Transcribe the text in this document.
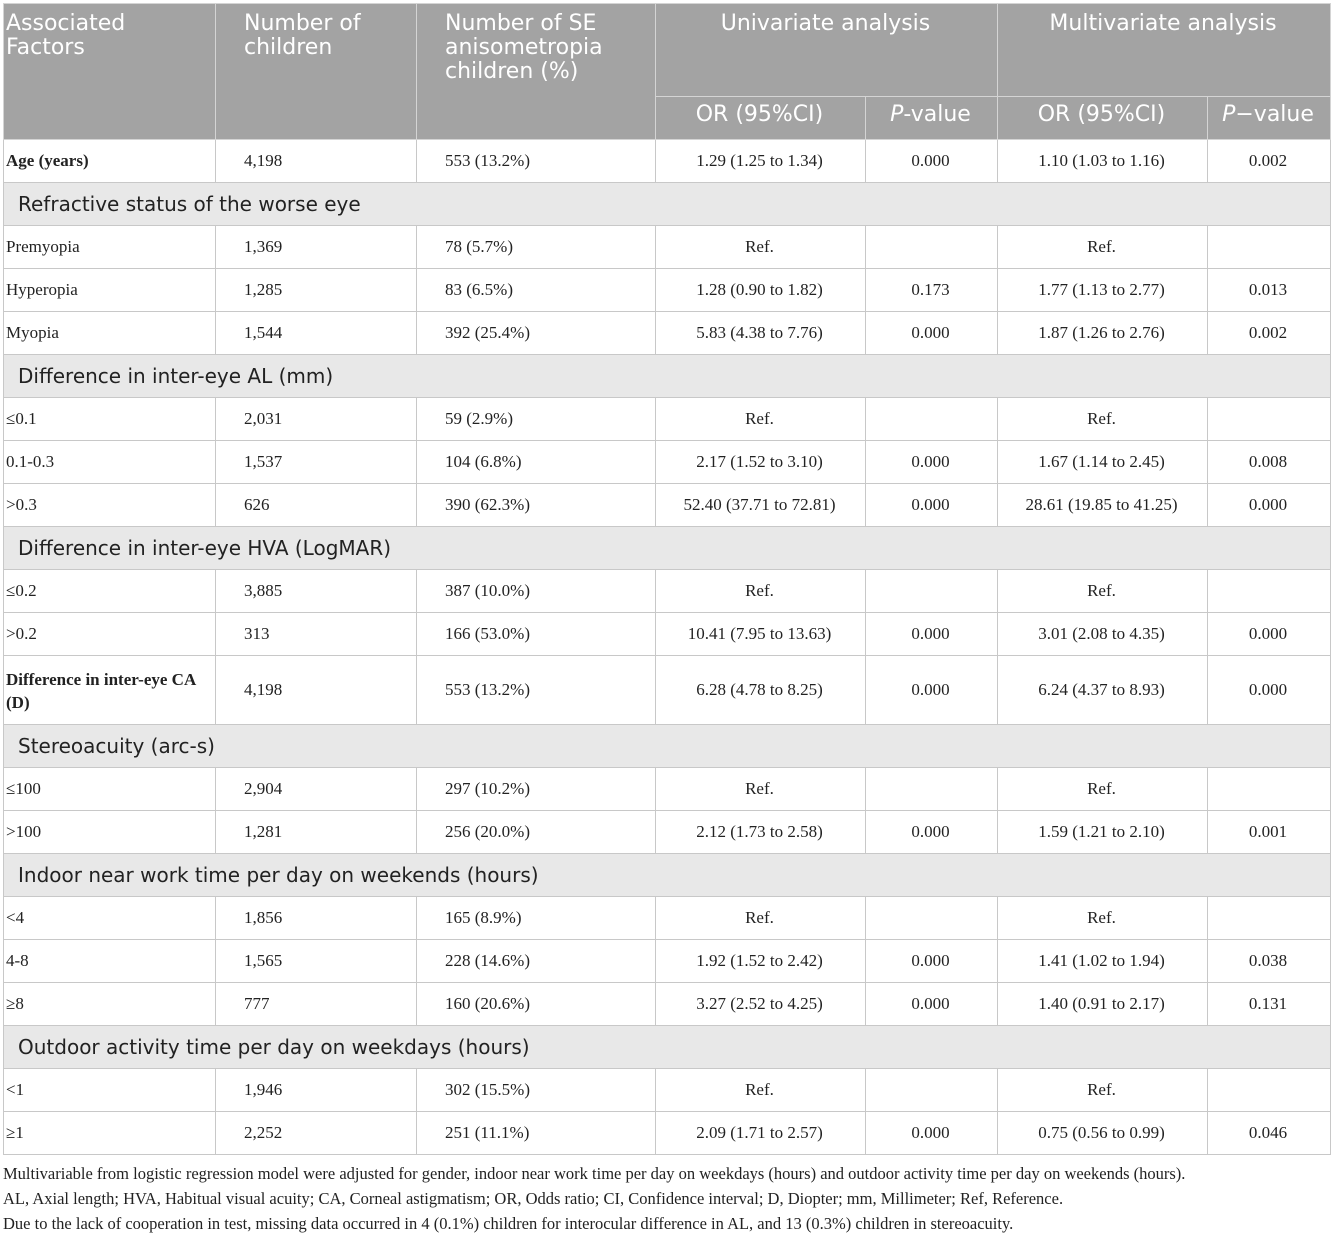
Associated Factors	Number of children	Number of SE anisometropia children (%)	Univariate analysis		Multivariate analysis	
			OR (95%CI)	P-value	OR (95%CI)	P−value
Age (years)	4,198	553 (13.2%)	1.29 (1.25 to 1.34)	0.000	1.10 (1.03 to 1.16)	0.002
Refractive status of the worse eye						
Premyopia	1,369	78 (5.7%)	Ref.		Ref.	
Hyperopia	1,285	83 (6.5%)	1.28 (0.90 to 1.82)	0.173	1.77 (1.13 to 2.77)	0.013
Myopia	1,544	392 (25.4%)	5.83 (4.38 to 7.76)	0.000	1.87 (1.26 to 2.76)	0.002
Difference in inter-eye AL (mm)						
≤0.1	2,031	59 (2.9%)	Ref.		Ref.	
0.1-0.3	1,537	104 (6.8%)	2.17 (1.52 to 3.10)	0.000	1.67 (1.14 to 2.45)	0.008
>0.3	626	390 (62.3%)	52.40 (37.71 to 72.81)	0.000	28.61 (19.85 to 41.25)	0.000
Difference in inter-eye HVA (LogMAR)						
≤0.2	3,885	387 (10.0%)	Ref.		Ref.	
>0.2	313	166 (53.0%)	10.41 (7.95 to 13.63)	0.000	3.01 (2.08 to 4.35)	0.000
Difference in inter-eye CA (D)	4,198	553 (13.2%)	6.28 (4.78 to 8.25)	0.000	6.24 (4.37 to 8.93)	0.000
Stereoacuity (arc-s)						
≤100	2,904	297 (10.2%)	Ref.		Ref.	
>100	1,281	256 (20.0%)	2.12 (1.73 to 2.58)	0.000	1.59 (1.21 to 2.10)	0.001
Indoor near work time per day on weekends (hours)						
<4	1,856	165 (8.9%)	Ref.		Ref.	
4-8	1,565	228 (14.6%)	1.92 (1.52 to 2.42)	0.000	1.41 (1.02 to 1.94)	0.038
≥8	777	160 (20.6%)	3.27 (2.52 to 4.25)	0.000	1.40 (0.91 to 2.17)	0.131
Outdoor activity time per day on weekdays (hours)						
<1	1,946	302 (15.5%)	Ref.		Ref.	
≥1	2,252	251 (11.1%)	2.09 (1.71 to 2.57)	0.000	0.75 (0.56 to 0.99)	0.046
Multivariable from logistic regression model were adjusted for gender, indoor near work time per day on weekdays (hours) and outdoor activity time per day on weekends (hours).
AL, Axial length; HVA, Habitual visual acuity; CA, Corneal astigmatism; OR, Odds ratio; CI, Confidence interval; D, Diopter; mm, Millimeter; Ref, Reference.
Due to the lack of cooperation in test, missing data occurred in 4 (0.1%) children for interocular difference in AL, and 13 (0.3%) children in stereoacuity.
